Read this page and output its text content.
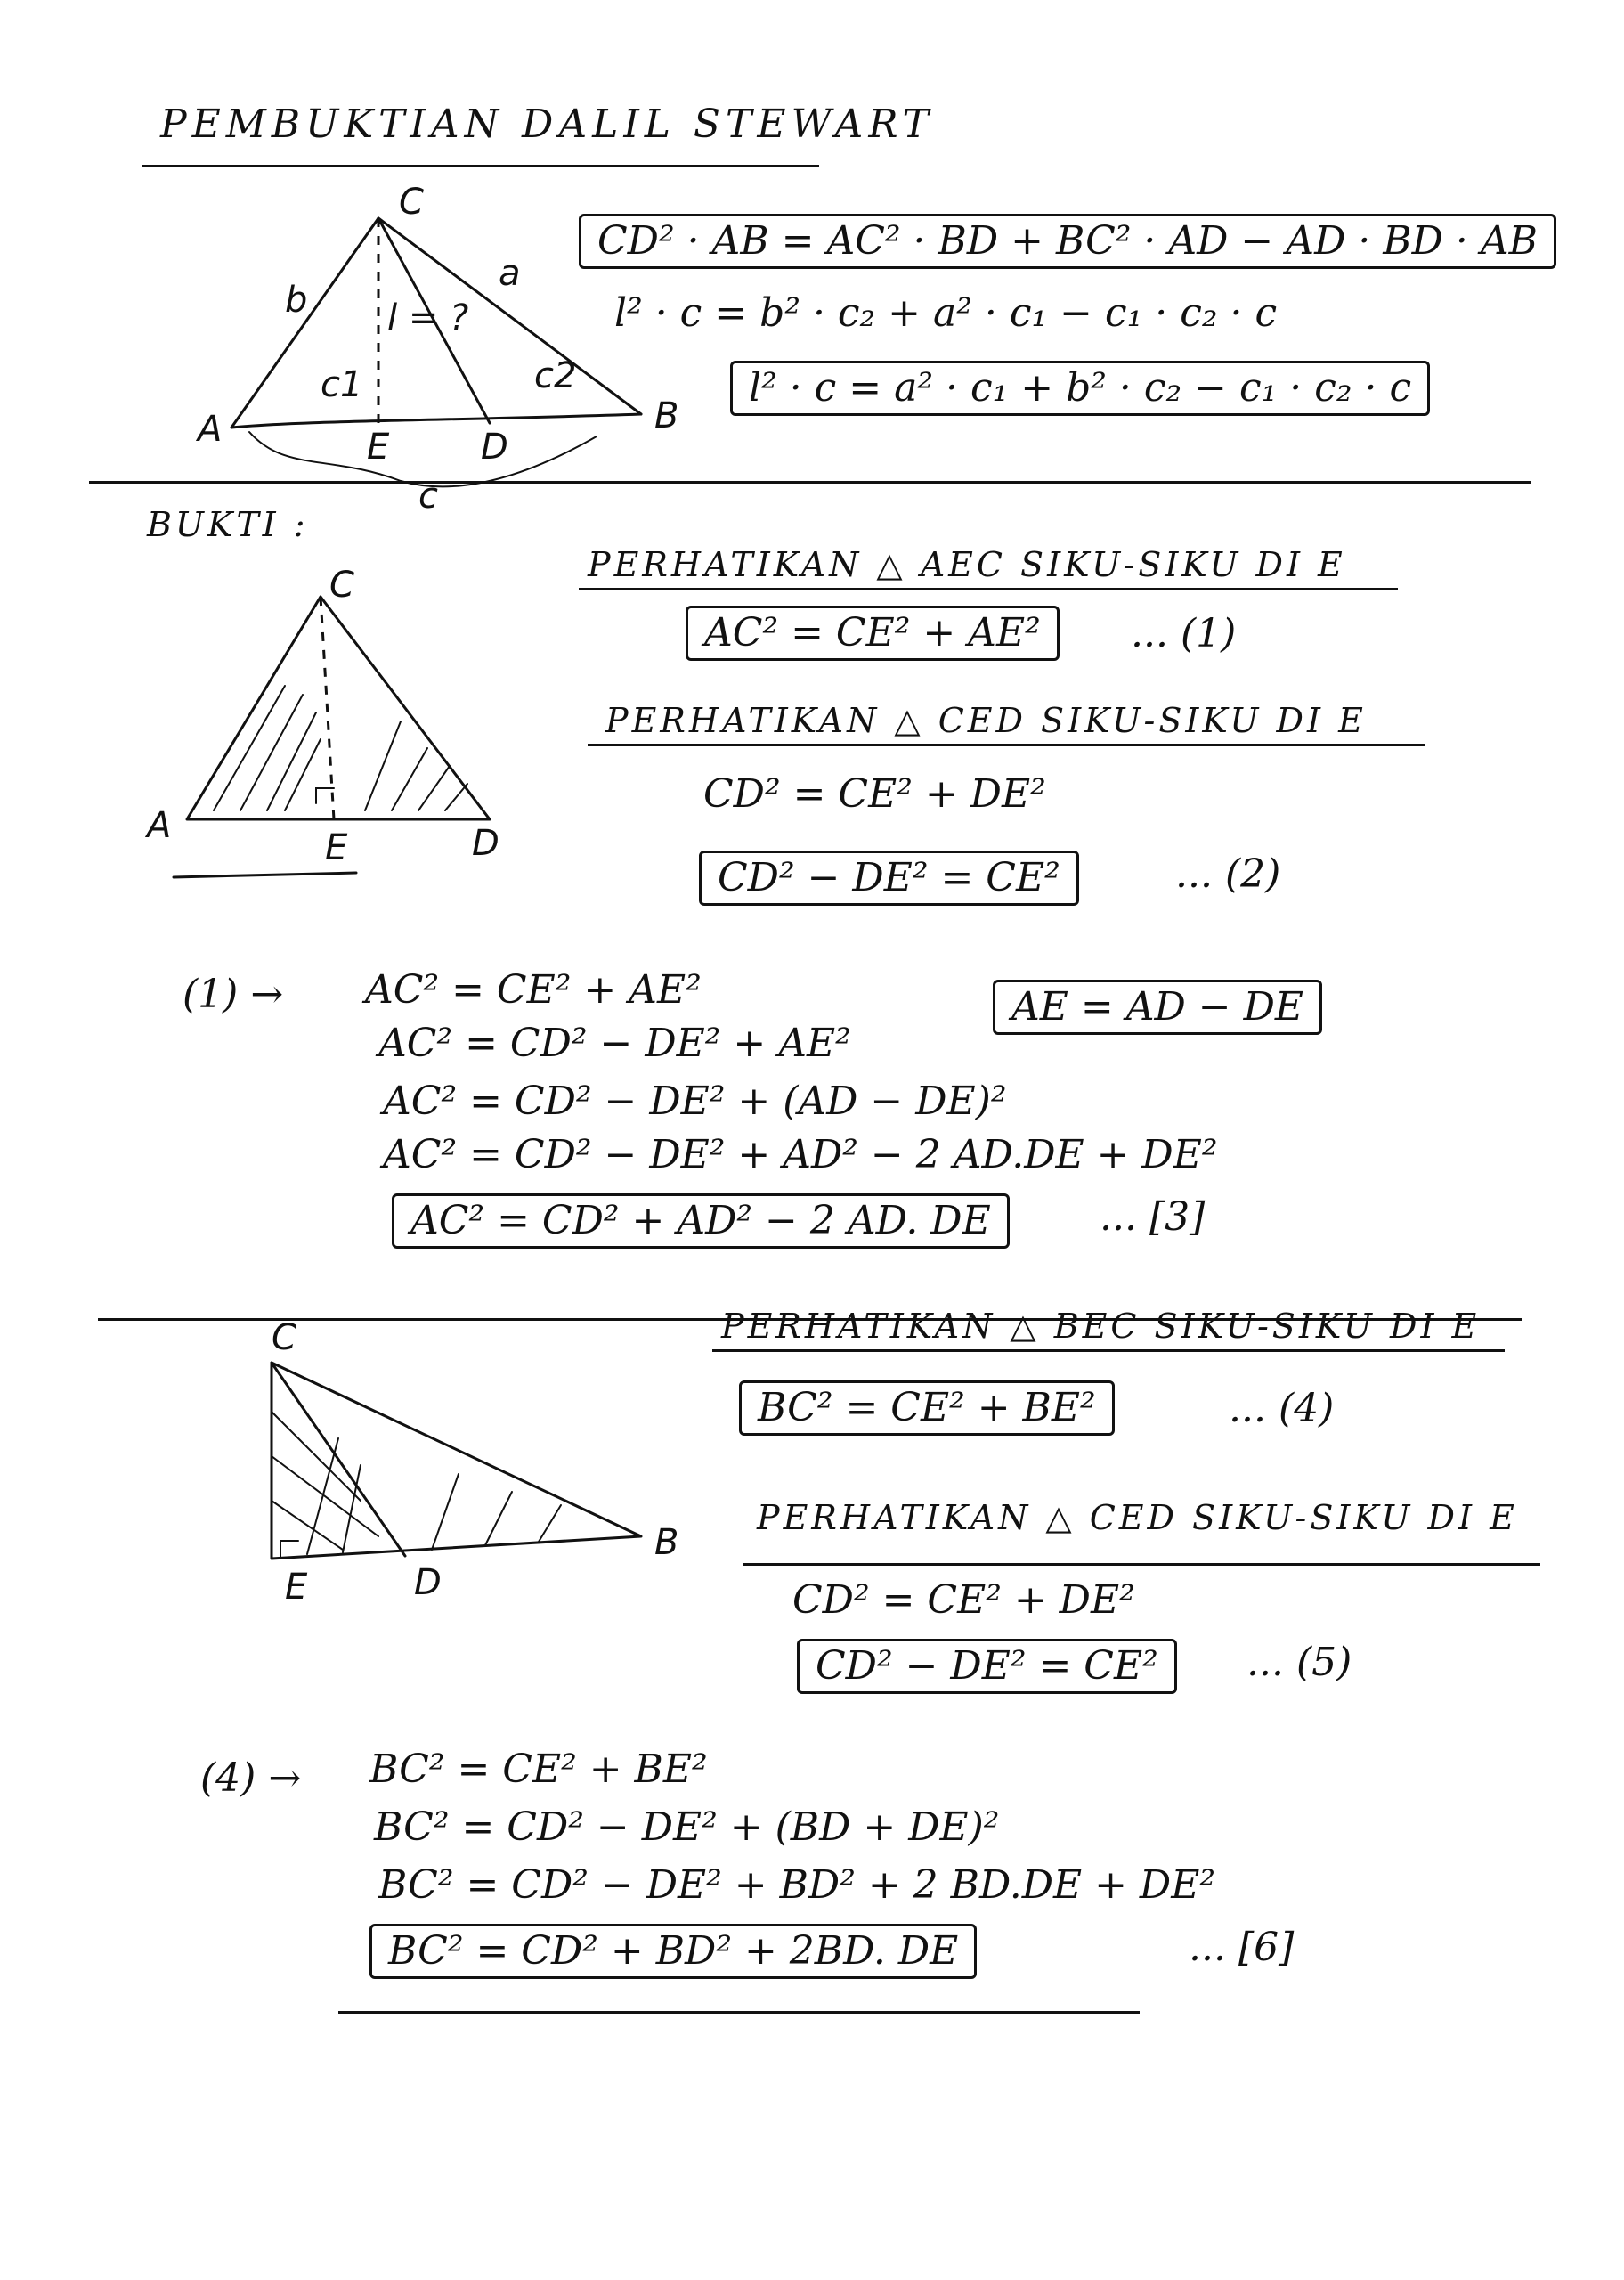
PEMBUKTIAN DALIL STEWART
A	B
C
D
E
a
b
c
c1	c2
l = ?
CD² · AB = AC² · BD + BC² · AD − AD · BD · AB
l² · c = b² · c₂ + a² · c₁ − c₁ · c₂ · c
l² · c = a² · c₁ + b² · c₂ − c₁ · c₂ · c
BUKTI :
A
C
E	D
PERHATIKAN △ AEC SIKU-SIKU DI E
AC² = CE² + AE²	... (1)
PERHATIKAN △ CED SIKU-SIKU DI E
CD² = CE² + DE²
CD² − DE² = CE²	... (2)
(1) → AC² = CE² + AE²
AC² = CD² − DE² + AE²
AE = AD − DE
AC² = CD² − DE² + (AD − DE)²
AC² = CD² − DE² + AD² − 2 AD.DE + DE²
AC² = CD² + AD² − 2 AD. DE	... [3]
C
B
E	D
PERHATIKAN △ BEC SIKU-SIKU DI E
BC² = CE² + BE²	... (4)
PERHATIKAN △ CED SIKU-SIKU DI E
CD² = CE² + DE²
CD² − DE² = CE²	... (5)
(4) → BC² = CE² + BE²
BC² = CD² − DE² + (BD + DE)²
BC² = CD² − DE² + BD² + 2 BD.DE + DE²
BC² = CD² + BD² + 2BD. DE	... [6]
